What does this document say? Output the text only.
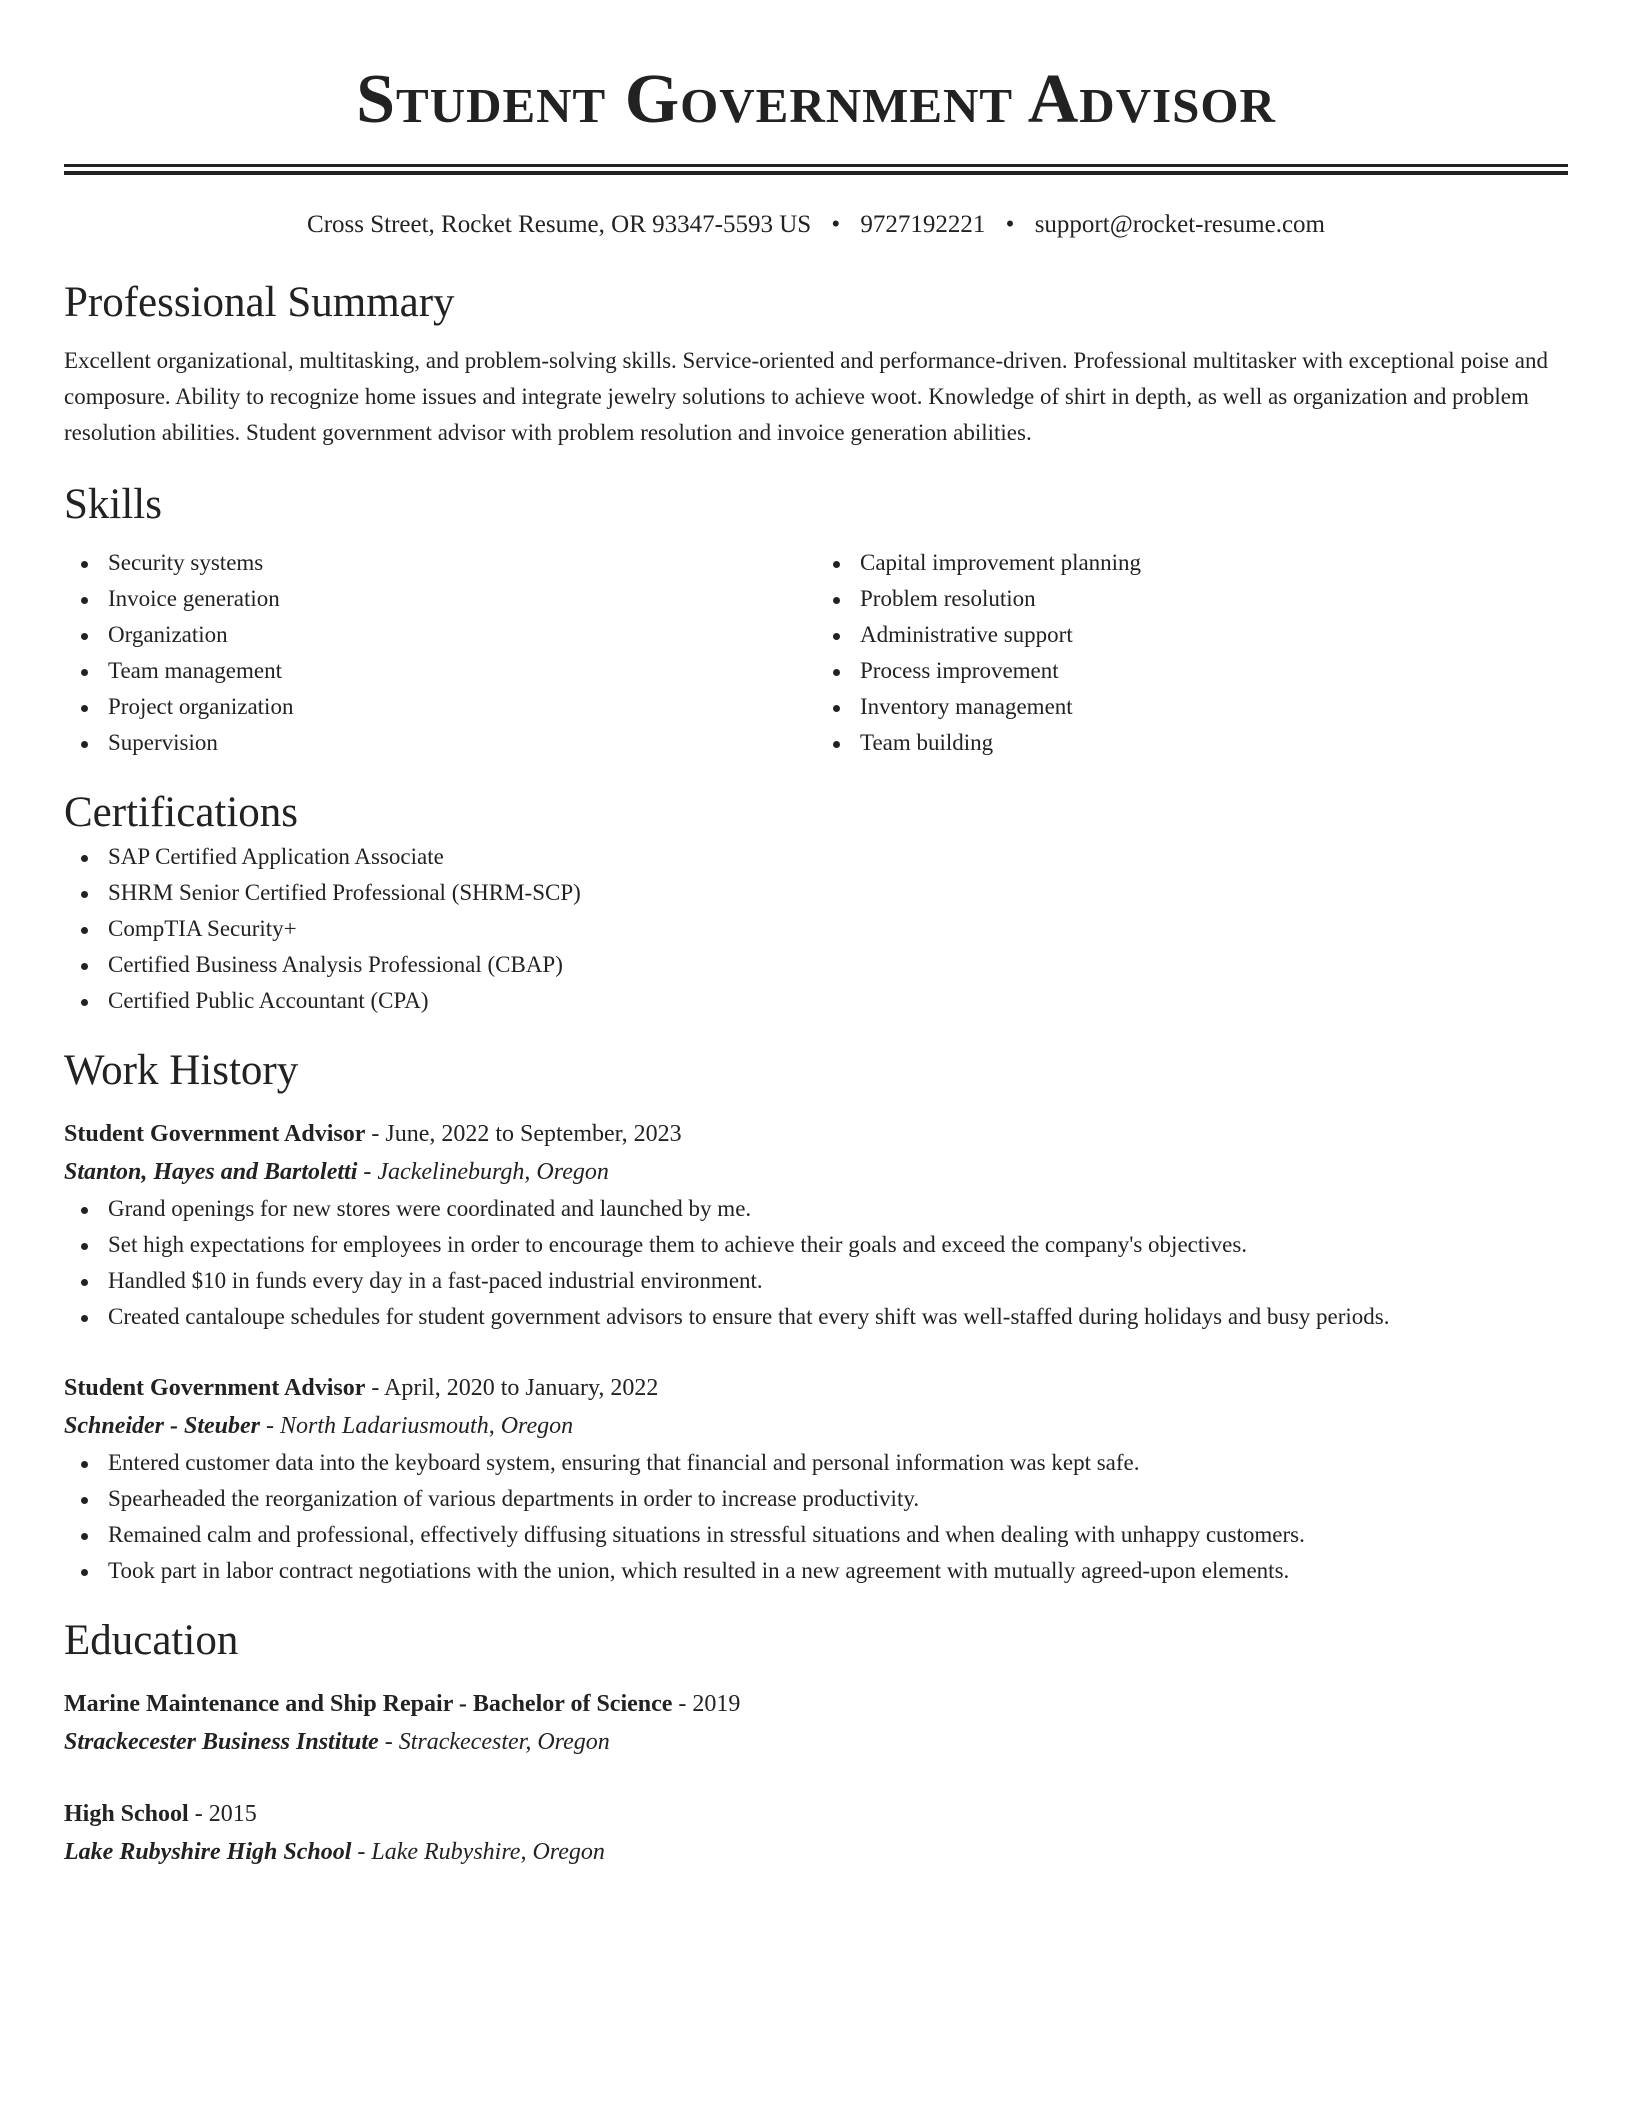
Student Government Advisor
Cross Street, Rocket Resume, OR 93347-5593 US • 9727192221 • support@rocket-resume.com
Professional Summary

Excellent organizational, multitasking, and problem-solving skills. Service-oriented and performance-driven. Professional multitasker with exceptional poise and composure. Ability to recognize home issues and integrate jewelry solutions to achieve woot. Knowledge of shirt in depth, as well as organization and problem resolution abilities. Student government advisor with problem resolution and invoice generation abilities.

Skills
Security systems
Invoice generation
Organization
Team management
Project organization
Supervision
Capital improvement planning
Problem resolution
Administrative support
Process improvement
Inventory management
Team building
Certifications
SAP Certified Application Associate
SHRM Senior Certified Professional (SHRM-SCP)
CompTIA Security+
Certified Business Analysis Professional (CBAP)
Certified Public Accountant (CPA)
Work History
Student Government Advisor - June, 2022 to September, 2023
Stanton, Hayes and Bartoletti - Jackelineburgh, Oregon
Grand openings for new stores were coordinated and launched by me.
Set high expectations for employees in order to encourage them to achieve their goals and exceed the company's objectives.
Handled $10 in funds every day in a fast-paced industrial environment.
Created cantaloupe schedules for student government advisors to ensure that every shift was well-staffed during holidays and busy periods.
Student Government Advisor - April, 2020 to January, 2022
Schneider - Steuber - North Ladariusmouth, Oregon
Entered customer data into the keyboard system, ensuring that financial and personal information was kept safe.
Spearheaded the reorganization of various departments in order to increase productivity.
Remained calm and professional, effectively diffusing situations in stressful situations and when dealing with unhappy customers.
Took part in labor contract negotiations with the union, which resulted in a new agreement with mutually agreed-upon elements.
Education
Marine Maintenance and Ship Repair - Bachelor of Science - 2019
Strackecester Business Institute - Strackecester, Oregon
High School - 2015
Lake Rubyshire High School - Lake Rubyshire, Oregon
